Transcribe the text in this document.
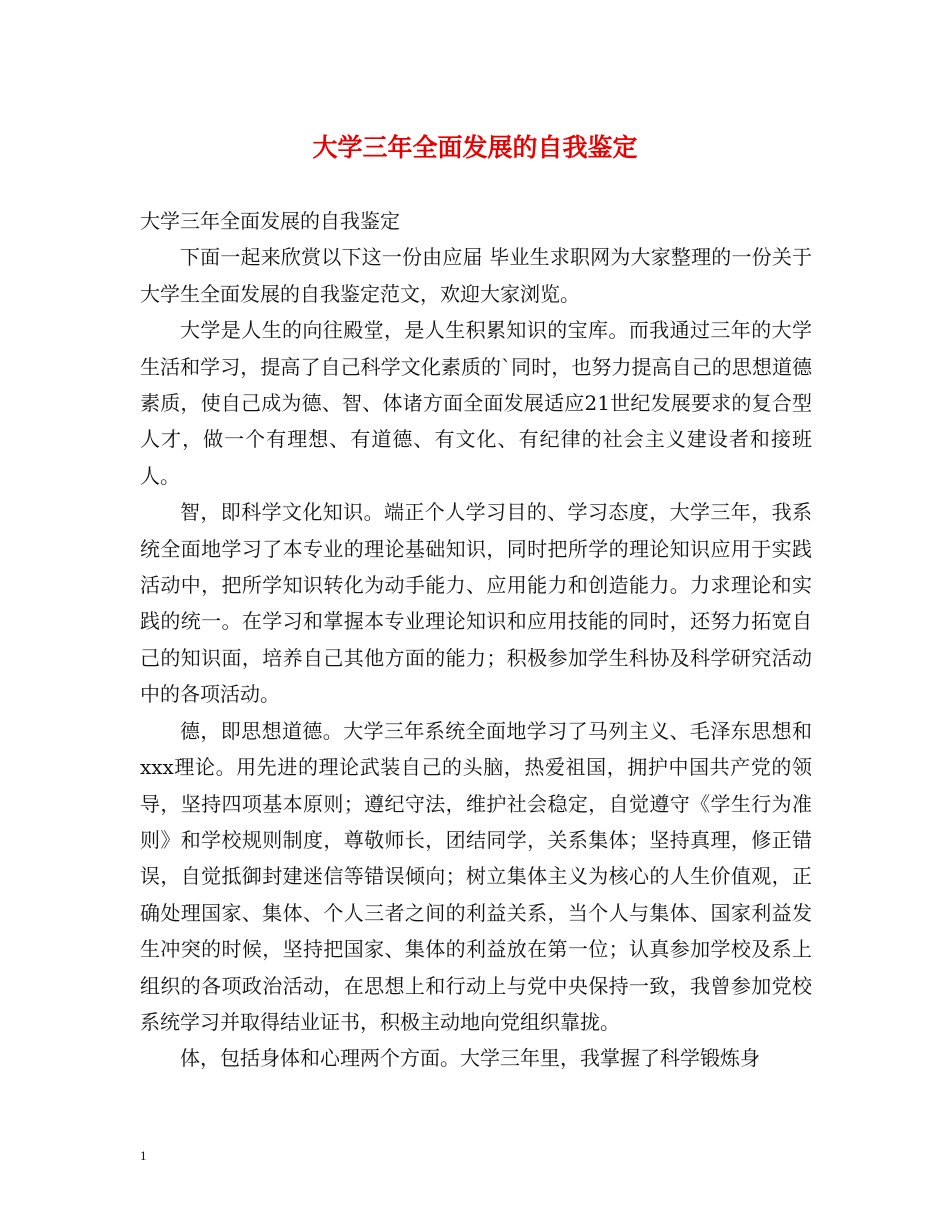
大学三年全面发展的自我鉴定

大学三年全面发展的自我鉴定

下面一起来欣赏以下这一份由应届 毕业生求职网为大家整理的一份关于大学生全面发展的自我鉴定范文，欢迎大家浏览。

大学是人生的向往殿堂，是人生积累知识的宝库。而我通过三年的大学生活和学习，提高了自己科学文化素质的`同时，也努力提高自己的思想道德素质，使自己成为德、智、体诸方面全面发展适应21世纪发展要求的复合型人才，做一个有理想、有道德、有文化、有纪律的社会主义建设者和接班人。

智，即科学文化知识。端正个人学习目的、学习态度，大学三年，我系统全面地学习了本专业的理论基础知识，同时把所学的理论知识应用于实践活动中，把所学知识转化为动手能力、应用能力和创造能力。力求理论和实践的统一。在学习和掌握本专业理论知识和应用技能的同时，还努力拓宽自己的知识面，培养自己其他方面的能力；积极参加学生科协及科学研究活动中的各项活动。

德，即思想道德。大学三年系统全面地学习了马列主义、毛泽东思想和xxx理论。用先进的理论武装自己的头脑，热爱祖国，拥护中国共产党的领导，坚持四项基本原则；遵纪守法，维护社会稳定，自觉遵守《学生行为准则》和学校规则制度，尊敬师长，团结同学，关系集体；坚持真理，修正错误，自觉抵御封建迷信等错误倾向；树立集体主义为核心的人生价值观，正确处理国家、集体、个人三者之间的利益关系，当个人与集体、国家利益发生冲突的时候，坚持把国家、集体的利益放在第一位；认真参加学校及系上组织的各项政治活动，在思想上和行动上与党中央保持一致，我曾参加党校系统学习并取得结业证书，积极主动地向党组织靠拢。

体，包括身体和心理两个方面。大学三年里，我掌握了科学锻炼身

1
